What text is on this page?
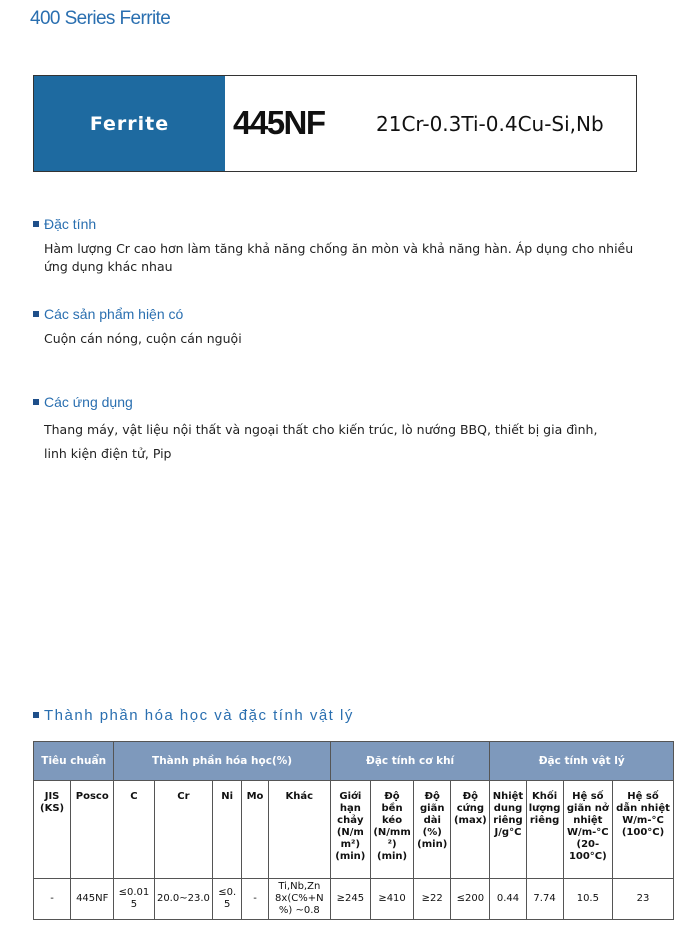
400 Series Ferrite
Ferrite	445NF	21Cr-0.3Ti-0.4Cu-Si,Nb
Đặc tính
Hàm lượng Cr cao hơn làm tăng khả năng chống ăn mòn và khả năng hàn. Áp dụng cho nhiều ứng dụng khác nhau
Các sản phẩm hiện có
Cuộn cán nóng, cuộn cán nguội
Các ứng dụng
Thang máy, vật liệu nội thất và ngoại thất cho kiến trúc, lò nướng BBQ, thiết bị gia đình, linh kiện điện tử, Pip
Thành phần hóa học và đặc tính vật lý
Tiêu chuẩn		Thành phần hóa học(%)					Đặc tính cơ khí				Đặc tính vật lý			
JIS (KS)	Posco	C	Cr	Ni	Mo	Khác	Giới hạn chảy (N/mm²) (min)	Độ bền kéo (N/mm²) (min)	Độ giãn dài (%) (min)	Độ cứng (max)	Nhiệt dung riêng J/g°C	Khối lượng riêng	Hệ số giãn nở nhiệt W/m-°C (20-100°C)	Hệ số dẫn nhiệt W/m-°C (100°C)
-	445NF	≤0.015	20.0~23.0	≤0.5	-	Ti,Nb,Zn 8x(C%+N%) ~0.8	≥245	≥410	≥22	≤200	0.44	7.74	10.5	23
